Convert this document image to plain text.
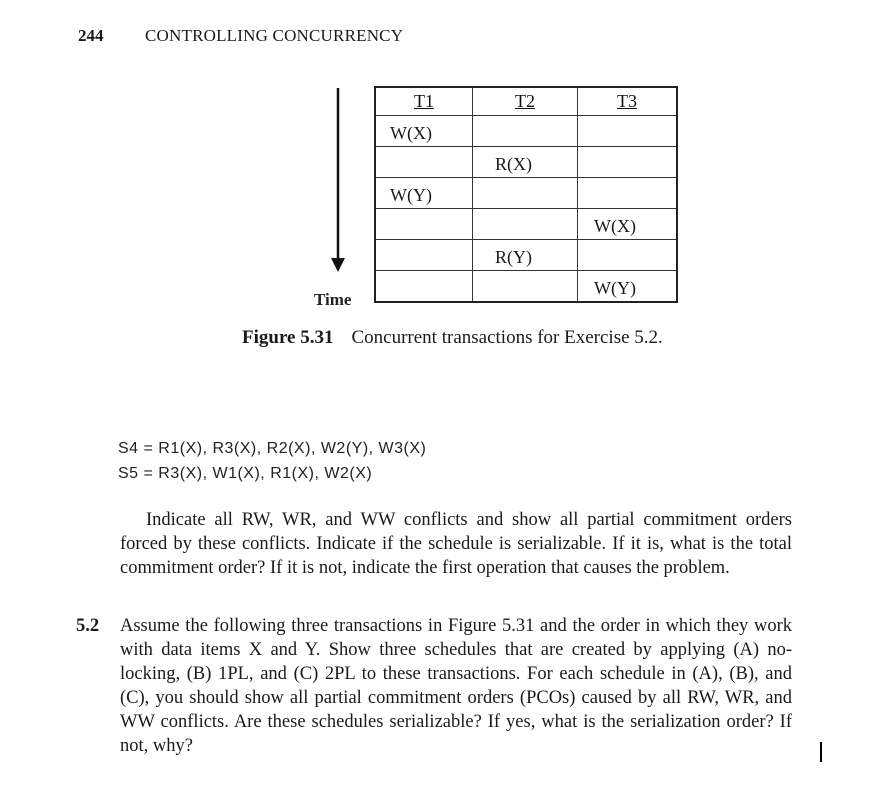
244 CONTROLLING CONCURRENCY
Time
T1	T2	T3
W(X)		
	R(X)	
W(Y)		
		W(X)
	R(Y)	
		W(Y)
Figure 5.31 Concurrent transactions for Exercise 5.2.
S4 = R1(X), R3(X), R2(X), W2(Y), W3(X)
S5 = R3(X), W1(X), R1(X), W2(X)
Indicate all RW, WR, and WW conflicts and show all partial commitment orders forced by these conflicts. Indicate if the schedule is serializable. If it is, what is the total commitment order? If it is not, indicate the first operation that causes the problem.
5.2 Assume the following three transactions in Figure 5.31 and the order in which they work with data items X and Y. Show three schedules that are created by applying (A) no-locking, (B) 1PL, and (C) 2PL to these transactions. For each schedule in (A), (B), and (C), you should show all partial commitment orders (PCOs) caused by all RW, WR, and WW conflicts. Are these schedules serializable? If yes, what is the serialization order? If not, why?
